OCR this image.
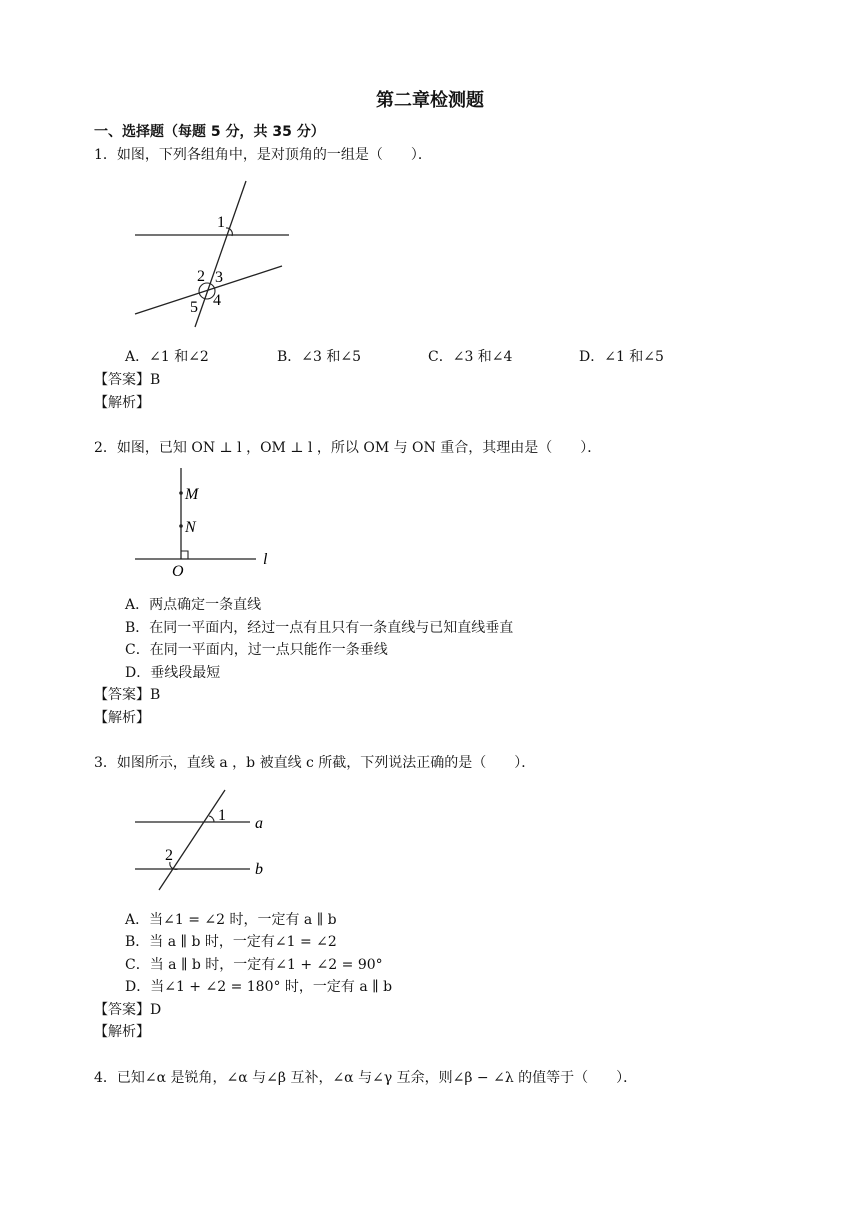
第二章检测题
一、选择题（每题 5 分，共 35 分）
1．如图，下列各组角中，是对顶角的一组是（　　）．
1
2 3
4
5
A．∠1 和∠2	B．∠3 和∠5	C．∠3 和∠4	D．∠1 和∠5
【答案】B
【解析】
2．如图，已知 ON ⊥ l ，OM ⊥ l ，所以 OM 与 ON 重合，其理由是（　　）．
M
N
O
l
A．两点确定一条直线
B．在同一平面内，经过一点有且只有一条直线与已知直线垂直
C．在同一平面内，过一点只能作一条垂线
D．垂线段最短
【答案】B
【解析】
3．如图所示，直线 a ，b 被直线 c 所截，下列说法正确的是（　　）．
1 a
2
b
A．当∠1 = ∠2 时，一定有 a ∥ b
B．当 a ∥ b 时，一定有∠1 = ∠2
C．当 a ∥ b 时，一定有∠1 + ∠2 = 90°
D．当∠1 + ∠2 = 180° 时，一定有 a ∥ b
【答案】D
【解析】
4．已知∠α 是锐角，∠α 与∠β 互补，∠α 与∠γ 互余，则∠β − ∠λ 的值等于（　　）．
